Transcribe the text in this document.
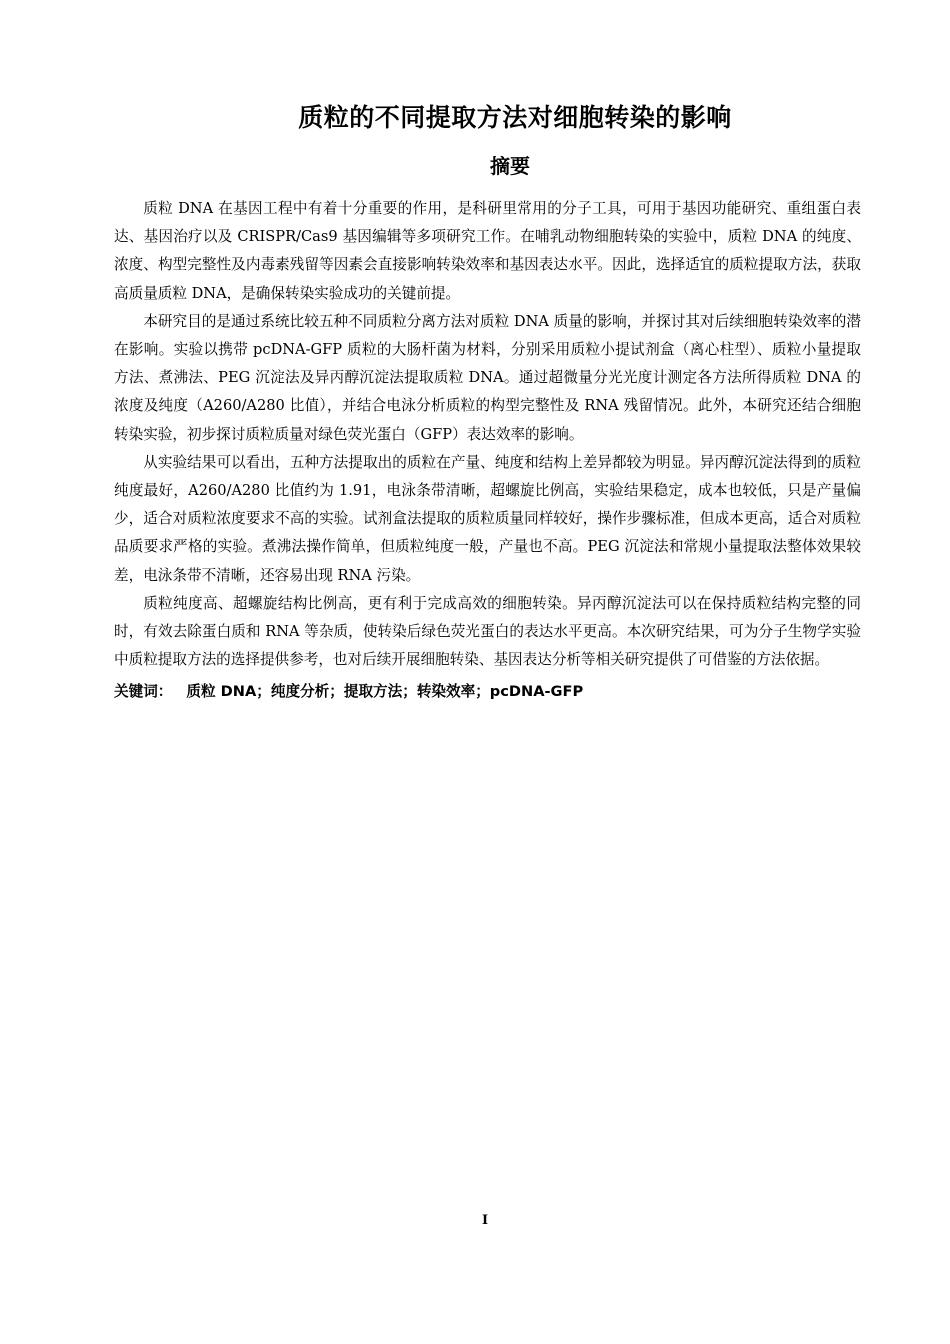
质粒的不同提取方法对细胞转染的影响
摘要

质粒 DNA 在基因工程中有着十分重要的作用，是科研里常用的分子工具，可用于基因功能研究、重组蛋白表达、基因治疗以及 CRISPR/Cas9 基因编辑等多项研究工作。在哺乳动物细胞转染的实验中，质粒 DNA 的纯度、浓度、构型完整性及内毒素残留等因素会直接影响转染效率和基因表达水平。因此，选择适宜的质粒提取方法，获取高质量质粒 DNA，是确保转染实验成功的关键前提。

本研究目的是通过系统比较五种不同质粒分离方法对质粒 DNA 质量的影响，并探讨其对后续细胞转染效率的潜在影响。实验以携带 pcDNA-GFP 质粒的大肠杆菌为材料，分别采用质粒小提试剂盒（离心柱型）、质粒小量提取方法、煮沸法、PEG 沉淀法及异丙醇沉淀法提取质粒 DNA。通过超微量分光光度计测定各方法所得质粒 DNA 的浓度及纯度（A260/A280 比值），并结合电泳分析质粒的构型完整性及 RNA 残留情况。此外，本研究还结合细胞转染实验，初步探讨质粒质量对绿色荧光蛋白（GFP）表达效率的影响。

从实验结果可以看出，五种方法提取出的质粒在产量、纯度和结构上差异都较为明显。异丙醇沉淀法得到的质粒纯度最好，A260/A280 比值约为 1.91，电泳条带清晰，超螺旋比例高，实验结果稳定，成本也较低，只是产量偏少，适合对质粒浓度要求不高的实验。试剂盒法提取的质粒质量同样较好，操作步骤标准，但成本更高，适合对质粒品质要求严格的实验。煮沸法操作简单，但质粒纯度一般，产量也不高。PEG 沉淀法和常规小量提取法整体效果较差，电泳条带不清晰，还容易出现 RNA 污染。

质粒纯度高、超螺旋结构比例高，更有利于完成高效的细胞转染。异丙醇沉淀法可以在保持质粒结构完整的同时，有效去除蛋白质和 RNA 等杂质，使转染后绿色荧光蛋白的表达水平更高。本次研究结果，可为分子生物学实验中质粒提取方法的选择提供参考，也对后续开展细胞转染、基因表达分析等相关研究提供了可借鉴的方法依据。

关键词： 质粒 DNA；纯度分析；提取方法；转染效率；pcDNA-GFP

I
